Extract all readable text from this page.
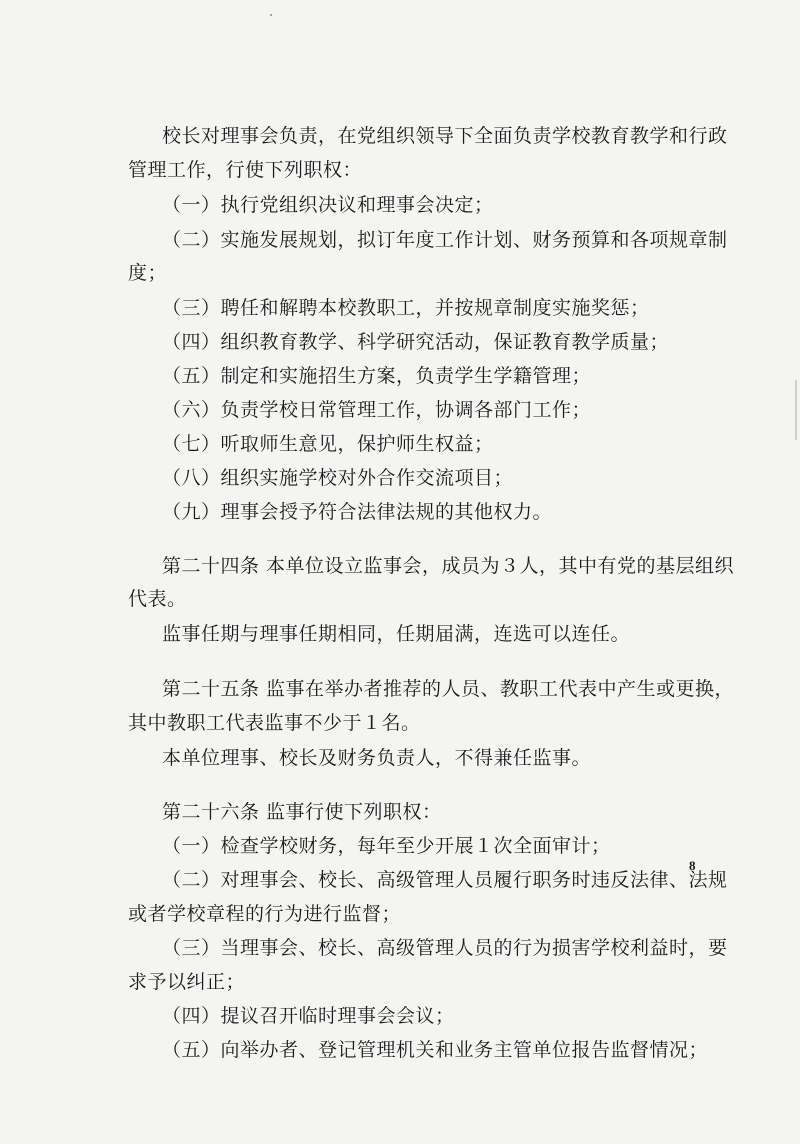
校长对理事会负责，在党组织领导下全面负责学校教育教学和行政
管理工作，行使下列职权：
（一）执行党组织决议和理事会决定；
（二）实施发展规划，拟订年度工作计划、财务预算和各项规章制
度；
（三）聘任和解聘本校教职工，并按规章制度实施奖惩；
（四）组织教育教学、科学研究活动，保证教育教学质量；
（五）制定和实施招生方案，负责学生学籍管理；
（六）负责学校日常管理工作，协调各部门工作；
（七）听取师生意见，保护师生权益；
（八）组织实施学校对外合作交流项目；
（九）理事会授予符合法律法规的其他权力。
第二十四条 本单位设立监事会，成员为３人，其中有党的基层组织
代表。
监事任期与理事任期相同，任期届满，连选可以连任。
第二十五条 监事在举办者推荐的人员、教职工代表中产生或更换，
其中教职工代表监事不少于１名。
本单位理事、校长及财务负责人，不得兼任监事。
第二十六条 监事行使下列职权：
（一）检查学校财务，每年至少开展１次全面审计；
（二）对理事会、校长、高级管理人员履行职务时违反法律、法规
或者学校章程的行为进行监督；
（三）当理事会、校长、高级管理人员的行为损害学校利益时，要
求予以纠正；
（四）提议召开临时理事会会议；
（五）向举办者、登记管理机关和业务主管单位报告监督情况；
8
